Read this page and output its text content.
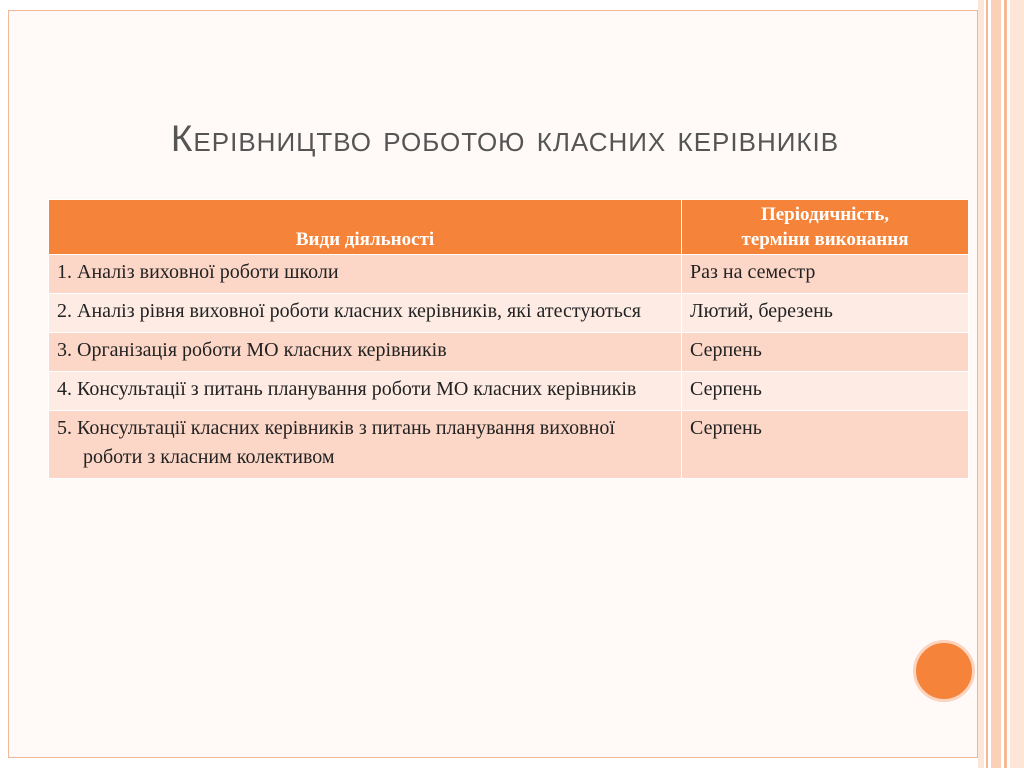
Керівництво роботою класних керівників
Види діяльності	Періодичність,
терміни виконання

1. Аналіз виховної роботи школи	Раз на семестр

2. Аналіз рівня виховної роботи класних керівників, які атестуються	Лютий, березень

3. Організація роботи МО класних керівників	Серпень

4. Консультації з питань планування роботи МО класних керівників	Серпень

5. Консультації класних керівників з питань планування виховної роботи з класним колективом	Серпень
